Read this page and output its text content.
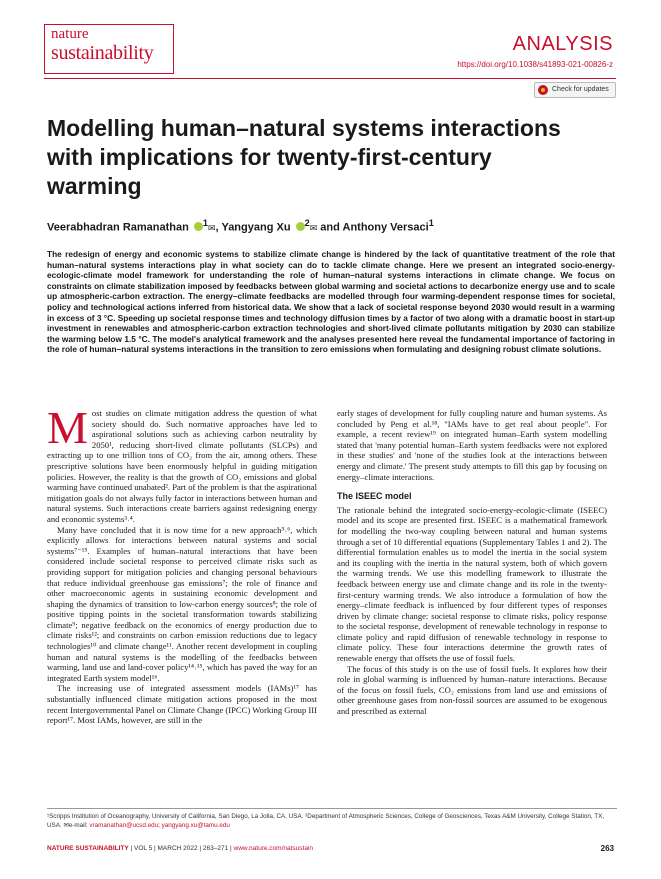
nature
sustainability	ANALYSIS
https://doi.org/10.1038/s41893-021-00826-z
Check for updates
Modelling human–natural systems interactions with implications for twenty-first-century warming
Veerabhadran Ramanathan $^1$✉, Yangyang Xu $^2$✉ and Anthony Versaci$^1$
The redesign of energy and economic systems to stabilize climate change is hindered by the lack of quantitative treatment of the role that human–natural systems interactions play in what society can do to tackle climate change. Here we present an integrated socio-energy-ecologic-climate model framework for understanding the role of human–natural systems interactions in climate change. We focus on constraints on climate stabilization imposed by feedbacks between global warming and societal actions to decarbonize energy use and to scale up atmospheric-carbon extraction. The energy–climate feedbacks are modelled through four warming-dependent response times for societal, policy and technological actions inferred from historical data. We show that a lack of societal response beyond 2030 would result in a warming in excess of 3 °C. Speeding up societal response times and technology diffusion times by a factor of two along with a dramatic boost in start-up investment in renewables and atmospheric-carbon extraction technologies and short-lived climate pollutants mitigation by 2030 can stabilize the warming below 1.5 °C. The model's analytical framework and the analyses presented here reveal the fundamental importance of factoring in the role of human–natural systems interactions in the transition to zero emissions when formulating and designing robust climate solutions.

Most studies on climate mitigation address the question of what society should do. Such normative approaches have led to aspirational solutions such as achieving carbon neutrality by 2050¹, reducing short-lived climate pollutants (SLCPs) and extracting up to one trillion tons of CO₂ from the air, among others. These prescriptive solutions have been enormously helpful in guiding mitigation policies. However, the reality is that the growth of CO₂ emissions and global warming have continued unabated². Part of the problem is that the aspirational mitigation goals do not always fully factor in interactions between human and natural systems. Such interactions create barriers against redesigning energy and economic systems³˒⁴.

Many have concluded that it is now time for a new approach⁵˒⁶, which explicitly allows for interactions between natural systems and social systems⁷⁻¹⁵. Examples of human–natural interactions that have been considered include societal response to perceived climate risks such as providing support for mitigation policies and changing personal behaviours that reduce individual greenhouse gas emissions⁷; the role of finance and other macroeconomic agents in sustaining economic development and shaping the dynamics of transition to low-carbon energy sources⁸; the role of positive tipping points in the societal transformation towards stabilizing climate⁹; negative feedback on the economics of energy production due to climate risks¹²; and constraints on carbon emission reductions due to legacy technologies¹⁰ and climate change¹¹. Another recent development in coupling human and natural systems is the modelling of the feedbacks between warming, land use and land-cover policy¹⁴˒¹⁵, which has paved the way for an integrated Earth system model¹⁶.

The increasing use of integrated assessment models (IAMs)¹⁷ has substantially influenced climate mitigation actions proposed in the most recent Intergovernmental Panel on Climate Change (IPCC) Working Group III report¹⁷. Most IAMs, however, are still in the

early stages of development for fully coupling nature and human systems. As concluded by Peng et al.¹⁸, "IAMs have to get real about people". For example, a recent review¹⁹ on integrated human–Earth system modelling stated that 'many potential human–Earth system feedbacks were not explored in these studies' and 'none of the studies look at the interactions between energy and climate.' The present study attempts to fill this gap by focusing on energy–climate interactions.

The ISEEC model

The rationale behind the integrated socio-energy-ecologic-climate (ISEEC) model and its scope are presented first. ISEEC is a mathematical framework for modelling the two-way coupling between natural and human systems through a set of 10 differential equations (Supplementary Tables 1 and 2). The differential formulation enables us to model the inertia in the social system and its coupling with the inertia in the natural system, both of which govern the warming trends. We use this modelling framework to illustrate the feedback between energy use and climate change and its role in the twenty-first-century warming trends. We also introduce a formulation of how the energy–climate feedback is influenced by four different types of responses driven by climate change: societal response to climate risks, policy response to the societal response, development of renewable technology in response to climate policy and rapid diffusion of renewable technology in response to climate policy. These four interactions determine the growth rates of renewable energy that offsets the use of fossil fuels.

The focus of this study is on the use of fossil fuels. It explores how their role in global warming is influenced by human–nature interactions. Because of the focus on fossil fuels, CO₂ emissions from land use and emissions of other greenhouse gases from non-fossil sources are assumed to be exogenous and prescribed as external

¹Scripps Institution of Oceanography, University of California, San Diego, La Jolla, CA, USA. ²Department of Atmospheric Sciences, College of Geosciences, Texas A&M University, College Station, TX, USA. ✉e-mail: vramanathan@ucsd.edu; yangyang.xu@tamu.edu
NATURE SUSTAINABILITY | VOL 5 | MARCH 2022 | 263–271 | www.nature.com/natsustain	263
